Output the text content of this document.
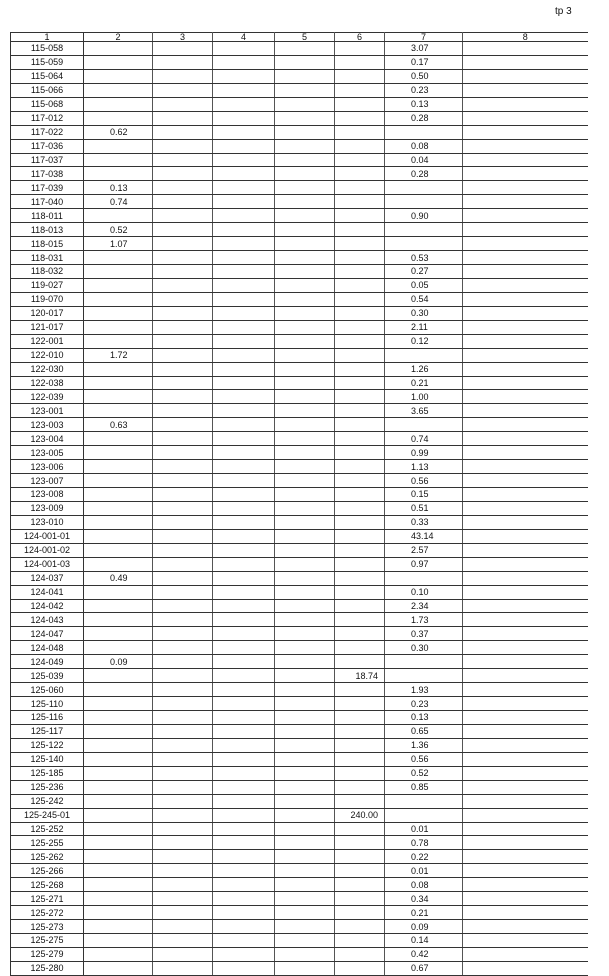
tp 3
1	2	3	4	5	6	7	8
115-058						3.07	
115-059						0.17	
115-064						0.50	
115-066						0.23	
115-068						0.13	
117-012						0.28	
117-022	0.62						
117-036						0.08	
117-037						0.04	
117-038						0.28	
117-039	0.13						
117-040	0.74						
118-011						0.90	
118-013	0.52						
118-015	1.07						
118-031						0.53	
118-032						0.27	
119-027						0.05	
119-070						0.54	
120-017						0.30	
121-017						2.11	
122-001						0.12	
122-010	1.72						
122-030						1.26	
122-038						0.21	
122-039						1.00	
123-001						3.65	
123-003	0.63						
123-004						0.74	
123-005						0.99	
123-006						1.13	
123-007						0.56	
123-008						0.15	
123-009						0.51	
123-010						0.33	
124-001-01						43.14	
124-001-02						2.57	
124-001-03						0.97	
124-037	0.49						
124-041						0.10	
124-042						2.34	
124-043						1.73	
124-047						0.37	
124-048						0.30	
124-049	0.09						
125-039					18.74		
125-060						1.93	
125-110						0.23	
125-116						0.13	
125-117						0.65	
125-122						1.36	
125-140						0.56	
125-185						0.52	
125-236						0.85	
125-242							
125-245-01					240.00		
125-252						0.01	
125-255						0.78	
125-262						0.22	
125-266						0.01	
125-268						0.08	
125-271						0.34	
125-272						0.21	
125-273						0.09	
125-275						0.14	
125-279						0.42	
125-280						0.67	
